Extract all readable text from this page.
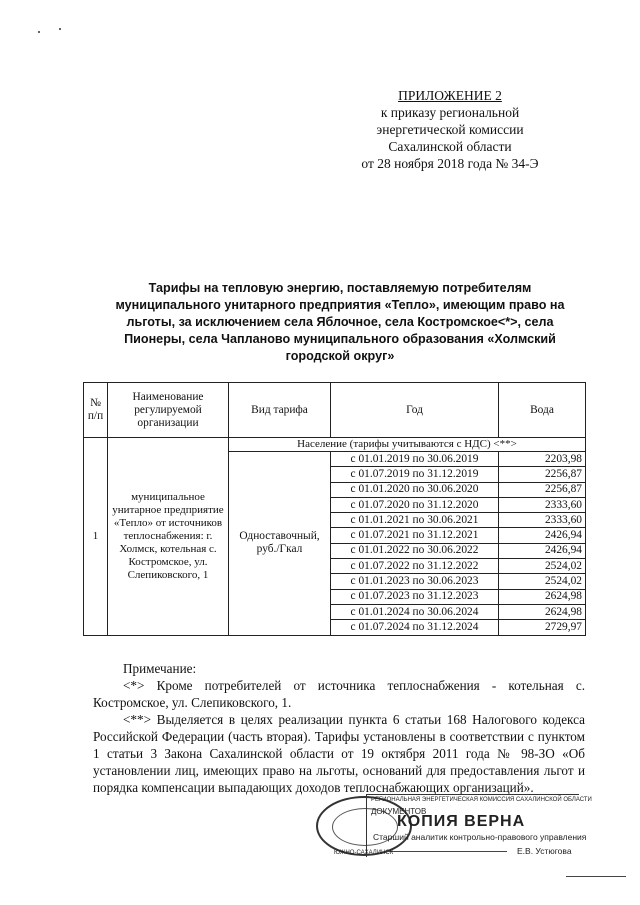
ПРИЛОЖЕНИЕ 2
к приказу региональной
энергетической комиссии
Сахалинской области
от 28 ноября 2018 года № 34-Э
Тарифы на тепловую энергию, поставляемую потребителям муниципального унитарного предприятия «Тепло», имеющим право на льготы, за исключением села Яблочное, села Костромское<*>, села Пионеры, села Чапланово муниципального образования «Холмский городской округ»
№ п/п	Наименование регулируемой организации	Вид тарифа	Год	Вода
1	муниципальное унитарное предприятие «Тепло» от источников теплоснабжения: г. Холмск, котельная с. Костромское, ул. Слепиковского, 1	Население (тарифы учитываются с НДС) <**>		
		Одноставочный, руб./Гкал	с 01.01.2019 по 30.06.2019	2203,98
			с 01.07.2019 по 31.12.2019	2256,87
			с 01.01.2020 по 30.06.2020	2256,87
			с 01.07.2020 по 31.12.2020	2333,60
			с 01.01.2021 по 30.06.2021	2333,60
			с 01.07.2021 по 31.12.2021	2426,94
			с 01.01.2022 по 30.06.2022	2426,94
			с 01.07.2022 по 31.12.2022	2524,02
			с 01.01.2023 по 30.06.2023	2524,02
			с 01.07.2023 по 31.12.2023	2624,98
			с 01.01.2024 по 30.06.2024	2624,98
			с 01.07.2024 по 31.12.2024	2729,97

Примечание:

<*> Кроме потребителей от источника теплоснабжения - котельная с. Костромское, ул. Слепиковского, 1.

<**> Выделяется в целях реализации пункта 6 статьи 168 Налогового кодекса Российской Федерации (часть вторая). Тарифы установлены в соответствии с пунктом 1 статьи 3 Закона Сахалинской области от 19 октября 2011 года № 98-ЗО «Об установлении лиц, имеющих право на льготы, оснований для предоставления льгот и порядка компенсации выпадающих доходов теплоснабжающих организаций».

РЕГИОНАЛЬНАЯ ЭНЕРГЕТИЧЕСКАЯ КОМИССИЯ САХАЛИНСКОЙ ОБЛАСТИ
ДОКУМЕНТОВ
КОПИЯ ВЕРНА
Старший аналитик контрольно-правового управления
Е.В. Устюгова
ЮЖНО-САХАЛИНСК
